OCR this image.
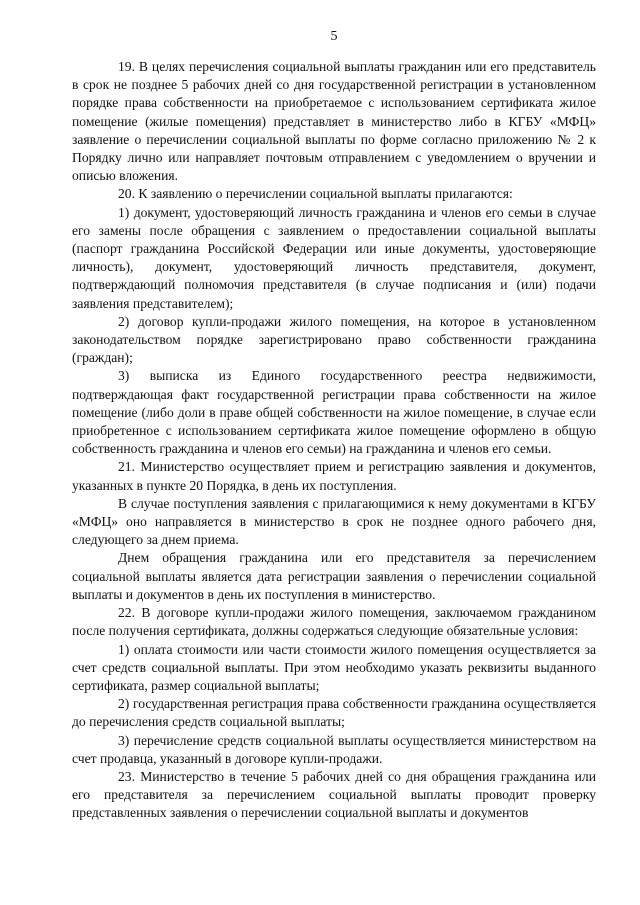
5

19. В целях перечисления социальной выплаты гражданин или его представитель в срок не позднее 5 рабочих дней со дня государственной регистрации в установленном порядке права собственности на приобретаемое с использованием сертификата жилое помещение (жилые помещения) представляет в министерство либо в КГБУ «МФЦ» заявление о перечислении социальной выплаты по форме согласно приложению № 2 к Порядку лично или направляет почтовым отправлением с уведомлением о вручении и описью вложения.

20. К заявлению о перечислении социальной выплаты прилагаются:

1) документ, удостоверяющий личность гражданина и членов его семьи в случае его замены после обращения с заявлением о предоставлении социальной выплаты (паспорт гражданина Российской Федерации или иные документы, удостоверяющие личность), документ, удостоверяющий личность представителя, документ, подтверждающий полномочия представителя (в случае подписания и (или) подачи заявления представителем);

2) договор купли-продажи жилого помещения, на которое в установленном законодательством порядке зарегистрировано право собственности гражданина (граждан);

3) выписка из Единого государственного реестра недвижимости, подтверждающая факт государственной регистрации права собственности на жилое помещение (либо доли в праве общей собственности на жилое помещение, в случае если приобретенное с использованием сертификата жилое помещение оформлено в общую собственность гражданина и членов его семьи) на гражданина и членов его семьи.

21. Министерство осуществляет прием и регистрацию заявления и документов, указанных в пункте 20 Порядка, в день их поступления.

В случае поступления заявления с прилагающимися к нему документами в КГБУ «МФЦ» оно направляется в министерство в срок не позднее одного рабочего дня, следующего за днем приема.

Днем обращения гражданина или его представителя за перечислением социальной выплаты является дата регистрации заявления о перечислении социальной выплаты и документов в день их поступления в министерство.

22. В договоре купли-продажи жилого помещения, заключаемом гражданином после получения сертификата, должны содержаться следующие обязательные условия:

1) оплата стоимости или части стоимости жилого помещения осуществляется за счет средств социальной выплаты. При этом необходимо указать реквизиты выданного сертификата, размер социальной выплаты;

2) государственная регистрация права собственности гражданина осуществляется до перечисления средств социальной выплаты;

3) перечисление средств социальной выплаты осуществляется министерством на счет продавца, указанный в договоре купли-продажи.

23. Министерство в течение 5 рабочих дней со дня обращения гражданина или его представителя за перечислением социальной выплаты проводит проверку представленных заявления о перечислении социальной выплаты и документов
